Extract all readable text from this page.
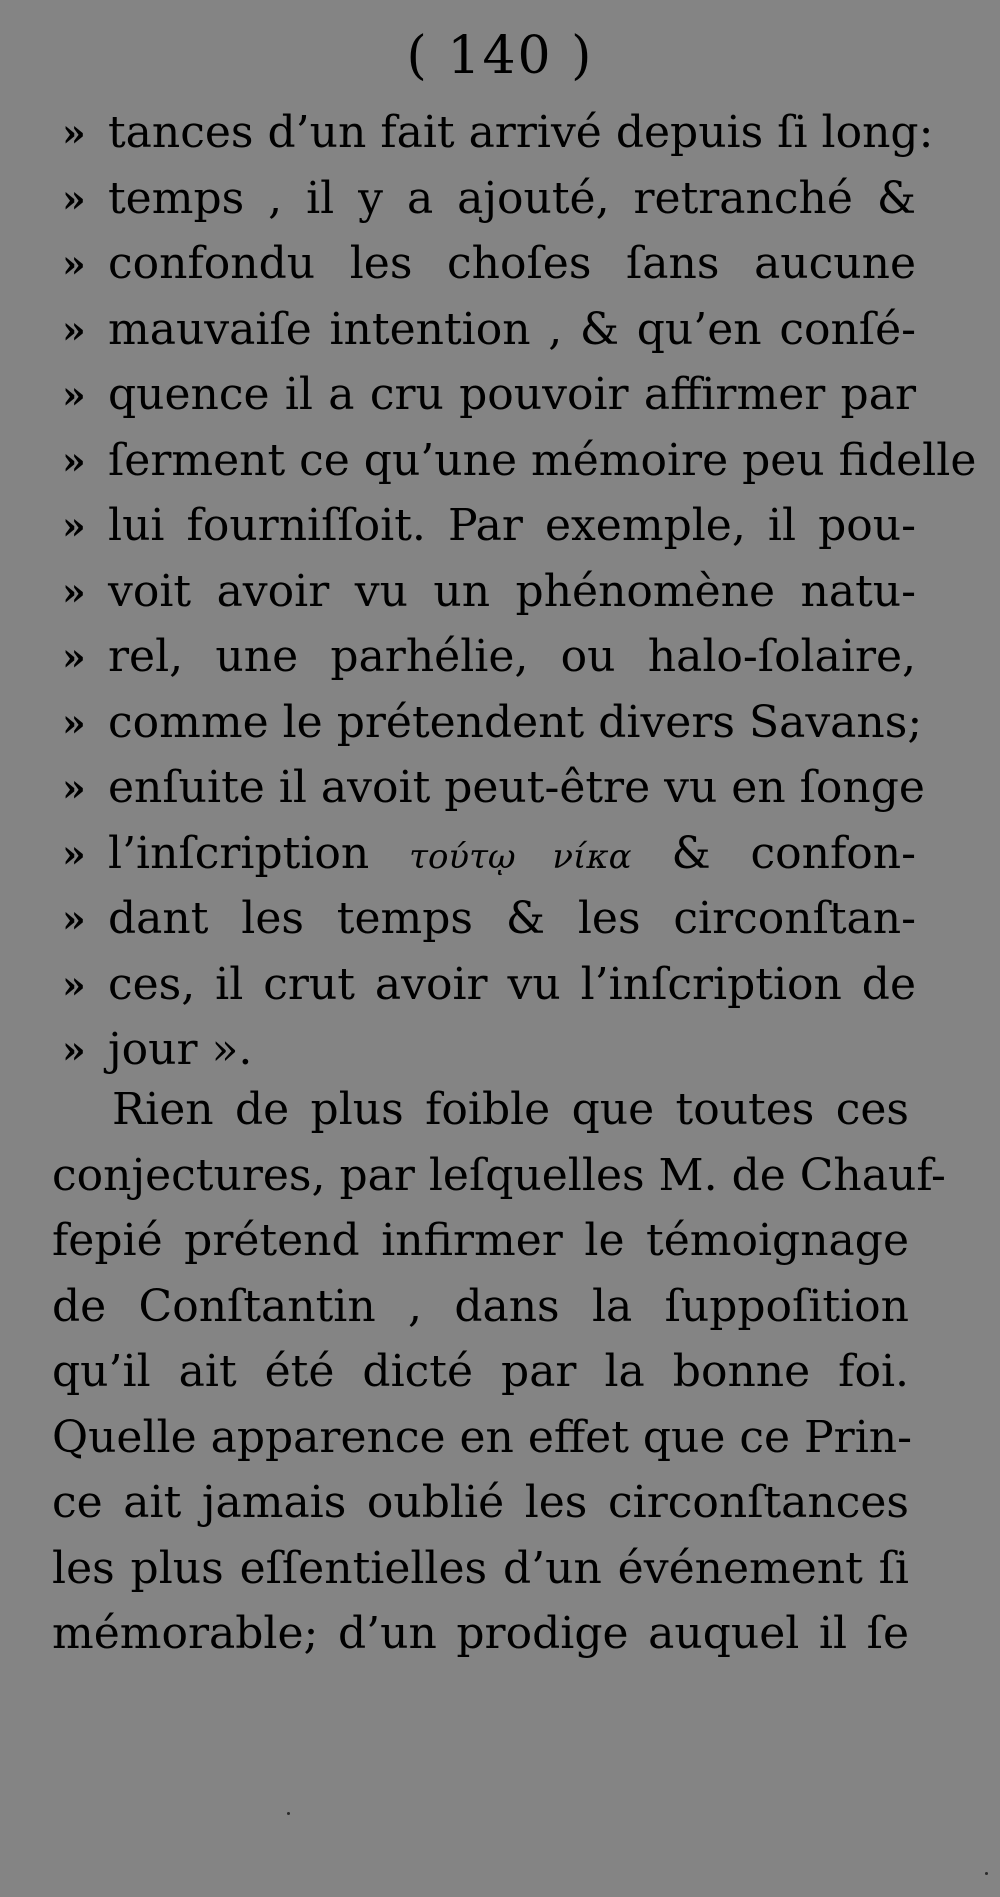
( 140 )
» tances d’un fait arrivé depuis ſi long:
» temps , il y a ajouté, retranché &
» confondu les choſes ſans aucune
» mauvaiſe intention , & qu’en conſé-
» quence il a cru pouvoir affirmer par
» ſerment ce qu’une mémoire peu fidelle
» lui fourniſſoit. Par exemple, il pou-
» voit avoir vu un phénomène natu-
» rel, une parhélie, ou halo-ſolaire,
» comme le prétendent divers Savans;
» enſuite il avoit peut-être vu en ſonge
» l’inſcription τούτῳ νίκα & confon-
» dant les temps & les circonſtan-
» ces, il crut avoir vu l’inſcription de
» jour ».
Rien de plus foible que toutes ces
conjectures, par leſquelles M. de Chauf-
fepié prétend infirmer le témoignage
de Conſtantin , dans la ſuppoſition
qu’il ait été dicté par la bonne foi.
Quelle apparence en effet que ce Prin-
ce ait jamais oublié les circonſtances
les plus eſſentielles d’un événement ſi
mémorable; d’un prodige auquel il ſe
